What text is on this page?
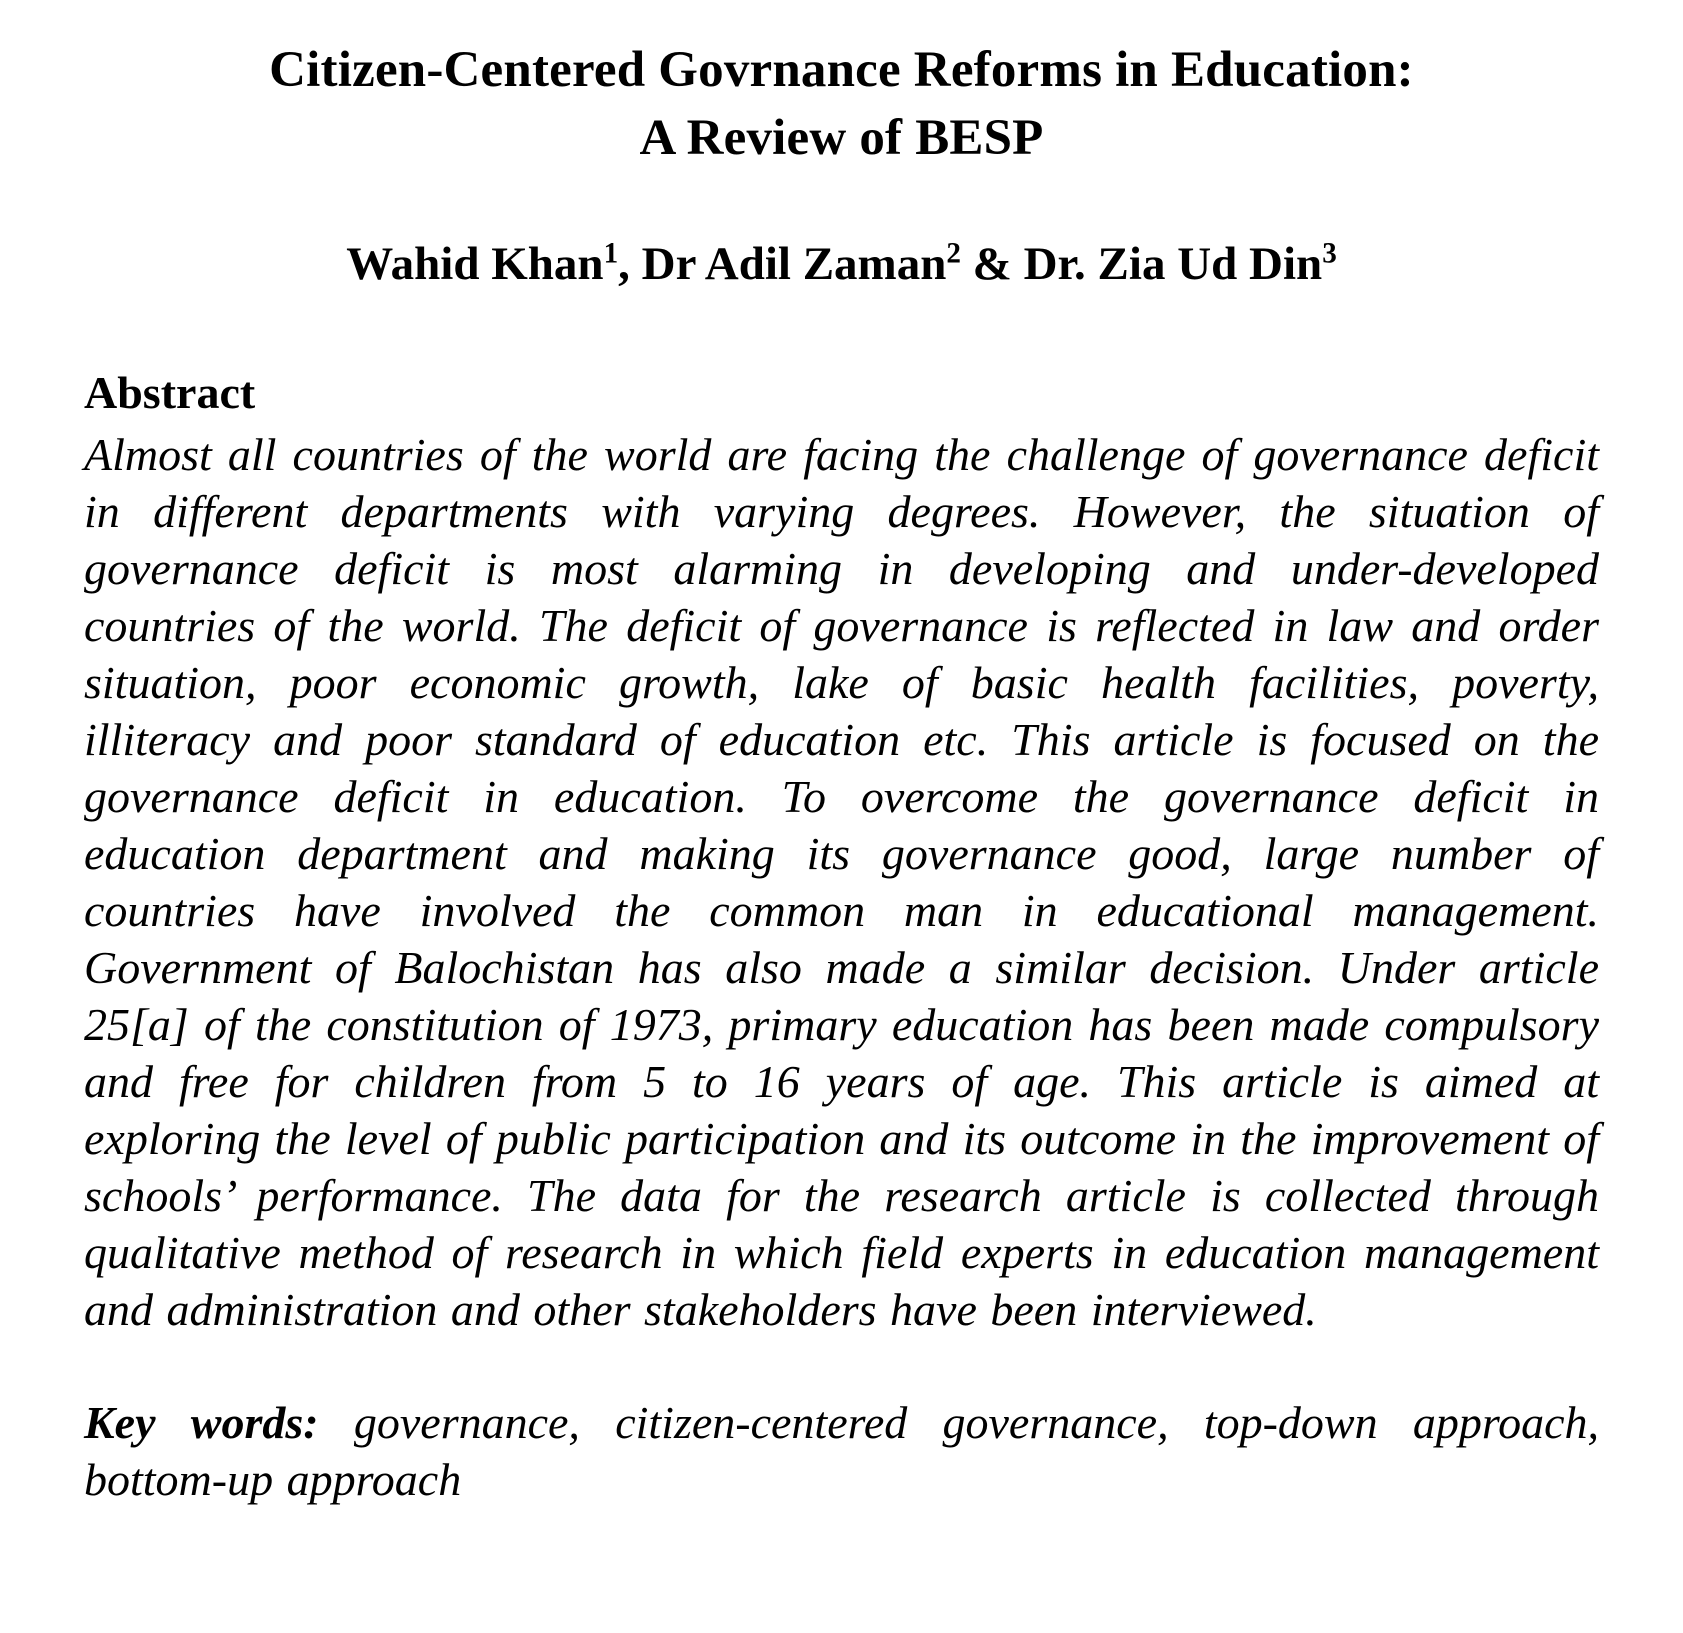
Citizen-Centered Govrnance Reforms in Education:
A Review of BESP
Wahid Khan$^1$, Dr Adil Zaman$^2$ & Dr. Zia Ud Din$^3$
Abstract

Almost all countries of the world are facing the challenge of governance deficit in different departments with varying degrees. However, the situation of governance deficit is most alarming in developing and under-developed countries of the world. The deficit of governance is reflected in law and order situation, poor economic growth, lake of basic health facilities, poverty, illiteracy and poor standard of education etc. This article is focused on the governance deficit in education. To overcome the governance deficit in education department and making its governance good, large number of countries have involved the common man in educational management. Government of Balochistan has also made a similar decision. Under article 25[a] of the constitution of 1973, primary education has been made compulsory and free for children from 5 to 16 years of age. This article is aimed at exploring the level of public participation and its outcome in the improvement of schools’ performance. The data for the research article is collected through qualitative method of research in which field experts in education management and administration and other stakeholders have been interviewed.

Key words: governance, citizen-centered governance, top-down approach, bottom-up approach
